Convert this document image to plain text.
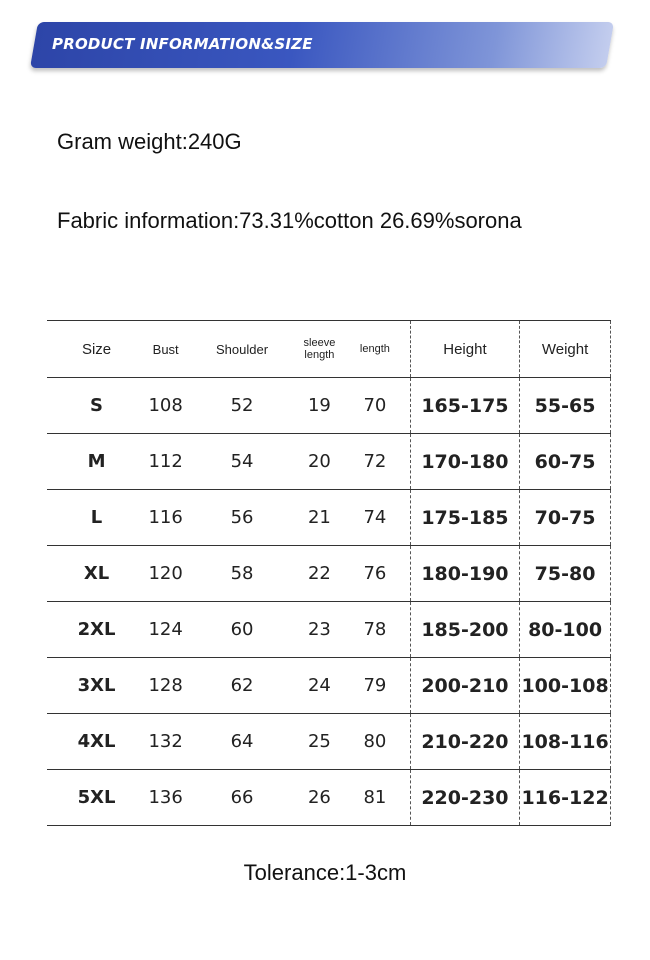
PRODUCT INFORMATION&SIZE
Gram weight:240G
Fabric information:73.31%cotton 26.69%sorona
Size	Bust	Shoulder	sleeve length	length	Height	Weight
S	108	52	19	70	165-175	55-65
M	112	54	20	72	170-180	60-75
L	116	56	21	74	175-185	70-75
XL	120	58	22	76	180-190	75-80
2XL	124	60	23	78	185-200	80-100
3XL	128	62	24	79	200-210	100-108
4XL	132	64	25	80	210-220	108-116
5XL	136	66	26	81	220-230	116-122
Tolerance:1-3cm
